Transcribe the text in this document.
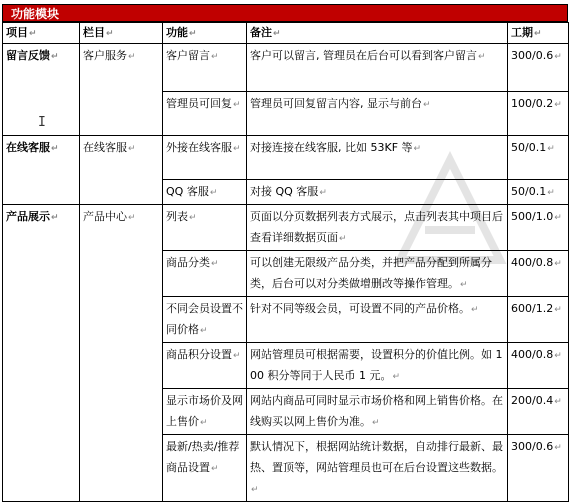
功能模块
项目↵	栏目↵	功能↵	备注↵	工期↵
留言反馈↵	客户服务↵	客户留言↵	客户可以留言, 管理员在后台可以看到客户留言↵	300/0.6↵
		管理员可回复↵	管理员可回复留言内容, 显示与前台↵	100/0.2↵
在线客服↵	在线客服↵	外接在线客服↵	对接连接在线客服, 比如 53KF 等↵	50/0.1↵
		QQ 客服↵	对接 QQ 客服↵	50/0.1↵
产品展示↵	产品中心↵	列表↵	页面以分页数据列表方式展示，点击列表其中项目后查看详细数据页面↵	500/1.0↵
		商品分类↵	可以创建无限级产品分类，并把产品分配到所属分类，后台可以对分类做增删改等操作管理。↵	400/0.8↵
		不同会员设置不同价格↵	针对不同等级会员，可设置不同的产品价格。↵	600/1.2↵
		商品积分设置↵	网站管理员可根据需要，设置积分的价值比例。如 100 积分等同于人民币 1 元。↵	400/0.8↵
		显示市场价及网上售价↵	网站内商品可同时显示市场价格和网上销售价格。在线购买以网上售价为准。↵	200/0.4↵
		最新/热卖/推荐商品设置↵	默认情况下，根据网站统计数据，自动排行最新、最热、置顶等，网站管理员也可在后台设置这些数据。↵	300/0.6↵
I
